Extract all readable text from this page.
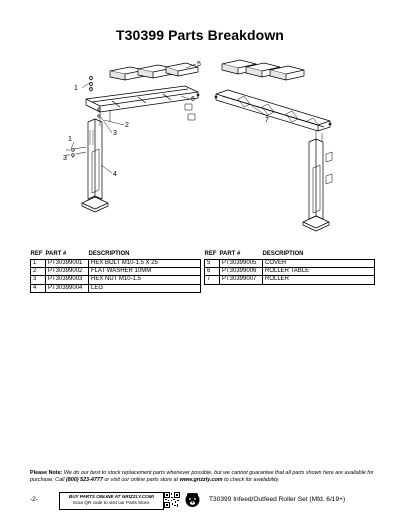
T30399 Parts Breakdown
1
2
3
1
3
4
5
6
7
REF	PART #	DESCRIPTION
1	PT30399001	HEX BOLT M10-1.5 X 25
2	PT30399002	FLAT WASHER 10MM
3	PT30399003	HEX NUT M10-1.5
4	PT30399004	LEG
REF	PART #	DESCRIPTION
5	PT30399005	COVER
6	PT30399006	ROLLER TABLE
7	PT30399007	ROLLER
Please Note: We do our best to stock replacement parts whenever possible, but we cannot guarantee that all parts shown here are available for purchase. Call (800) 523-4777 or visit our online parts store at www.grizzly.com to check for availability.
-2-	BUY PARTS ONLINE AT GRIZZLY.COM!
Scan QR code to visit our Parts Store.	T30399 Infeed/Outfeed Roller Set (Mfd. 6/19+)
